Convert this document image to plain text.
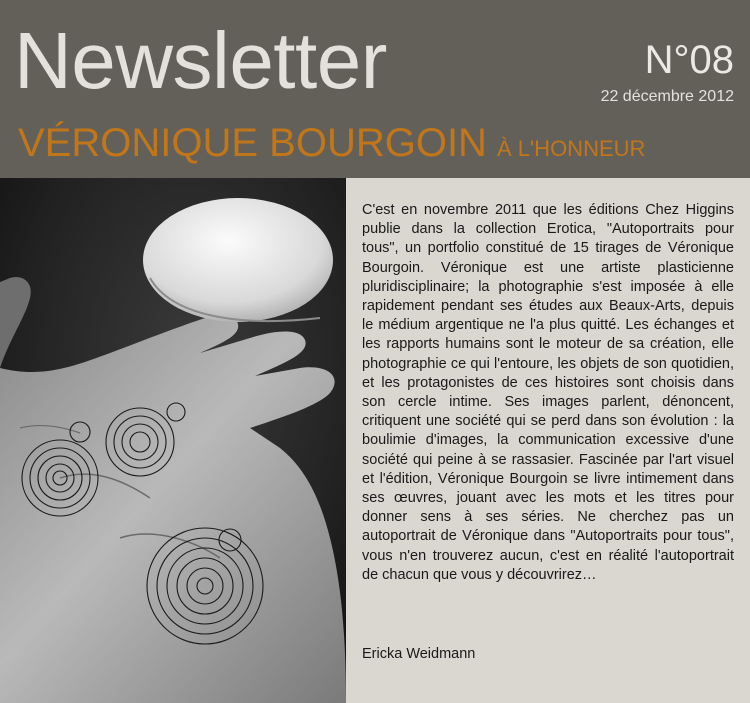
Newsletter	N°08
22 décembre 2012
VÉRONIQUE BOURGOIN À L'HONNEUR

C'est en novembre 2011 que les éditions Chez Higgins publie dans la collection Erotica, "Autoportraits pour tous", un portfolio constitué de 15 tirages de Véronique Bourgoin. Véronique est une artiste plasticienne pluridisciplinaire; la photographie s'est imposée à elle rapidement pendant ses études aux Beaux-Arts, depuis le médium argentique ne l'a plus quitté. Les échanges et les rapports humains sont le moteur de sa création, elle photographie ce qui l'entoure, les objets de son quotidien, et les protagonistes de ces histoires sont choisis dans son cercle intime. Ses images parlent, dénoncent, critiquent une société qui se perd dans son évolution : la boulimie d'images, la communication excessive d'une société qui peine à se rassasier. Fascinée par l'art visuel et l'édition, Véronique Bourgoin se livre intimement dans ses œuvres, jouant avec les mots et les titres pour donner sens à ses séries. Ne cherchez pas un autoportrait de Véronique dans "Autoportraits pour tous", vous n'en trouverez aucun, c'est en réalité l'autoportrait de chacun que vous y découvrirez…

Ericka Weidmann
